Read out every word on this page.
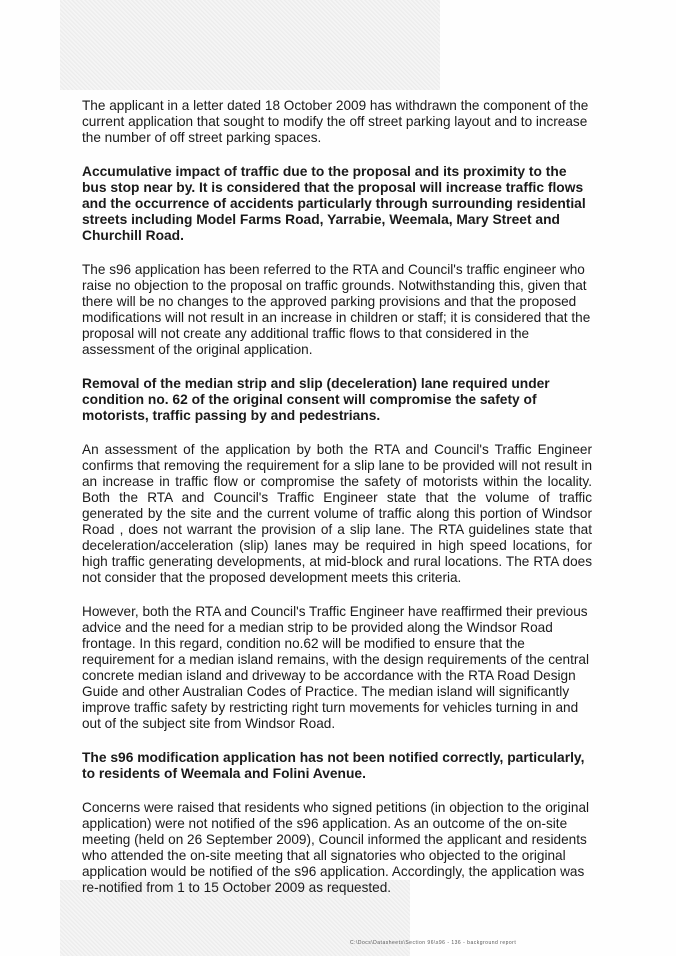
The applicant in a letter dated 18 October 2009 has withdrawn the component of the current application that sought to modify the off street parking layout and to increase the number of off street parking spaces.

Accumulative impact of traffic due to the proposal and its proximity to the bus stop near by. It is considered that the proposal will increase traffic flows and the occurrence of accidents particularly through surrounding residential streets including Model Farms Road, Yarrabie, Weemala, Mary Street and Churchill Road.

The s96 application has been referred to the RTA and Council's traffic engineer who raise no objection to the proposal on traffic grounds. Notwithstanding this, given that there will be no changes to the approved parking provisions and that the proposed modifications will not result in an increase in children or staff; it is considered that the proposal will not create any additional traffic flows to that considered in the assessment of the original application.

Removal of the median strip and slip (deceleration) lane required under condition no. 62 of the original consent will compromise the safety of motorists, traffic passing by and pedestrians.

An assessment of the application by both the RTA and Council's Traffic Engineer confirms that removing the requirement for a slip lane to be provided will not result in an increase in traffic flow or compromise the safety of motorists within the locality. Both the RTA and Council's Traffic Engineer state that the volume of traffic generated by the site and the current volume of traffic along this portion of Windsor Road , does not warrant the provision of a slip lane. The RTA guidelines state that deceleration/acceleration (slip) lanes may be required in high speed locations, for high traffic generating developments, at mid-block and rural locations. The RTA does not consider that the proposed development meets this criteria.

However, both the RTA and Council's Traffic Engineer have reaffirmed their previous advice and the need for a median strip to be provided along the Windsor Road frontage. In this regard, condition no.62 will be modified to ensure that the requirement for a median island remains, with the design requirements of the central concrete median island and driveway to be accordance with the RTA Road Design Guide and other Australian Codes of Practice. The median island will significantly improve traffic safety by restricting right turn movements for vehicles turning in and out of the subject site from Windsor Road.

The s96 modification application has not been notified correctly, particularly, to residents of Weemala and Folini Avenue.

Concerns were raised that residents who signed petitions (in objection to the original application) were not notified of the s96 application. As an outcome of the on-site meeting (held on 26 September 2009), Council informed the applicant and residents who attended the on-site meeting that all signatories who objected to the original application would be notified of the s96 application. Accordingly, the application was re-notified from 1 to 15 October 2009 as requested.

C:\Docs\Datasheets\Section 96\s96 - 136 - background report
